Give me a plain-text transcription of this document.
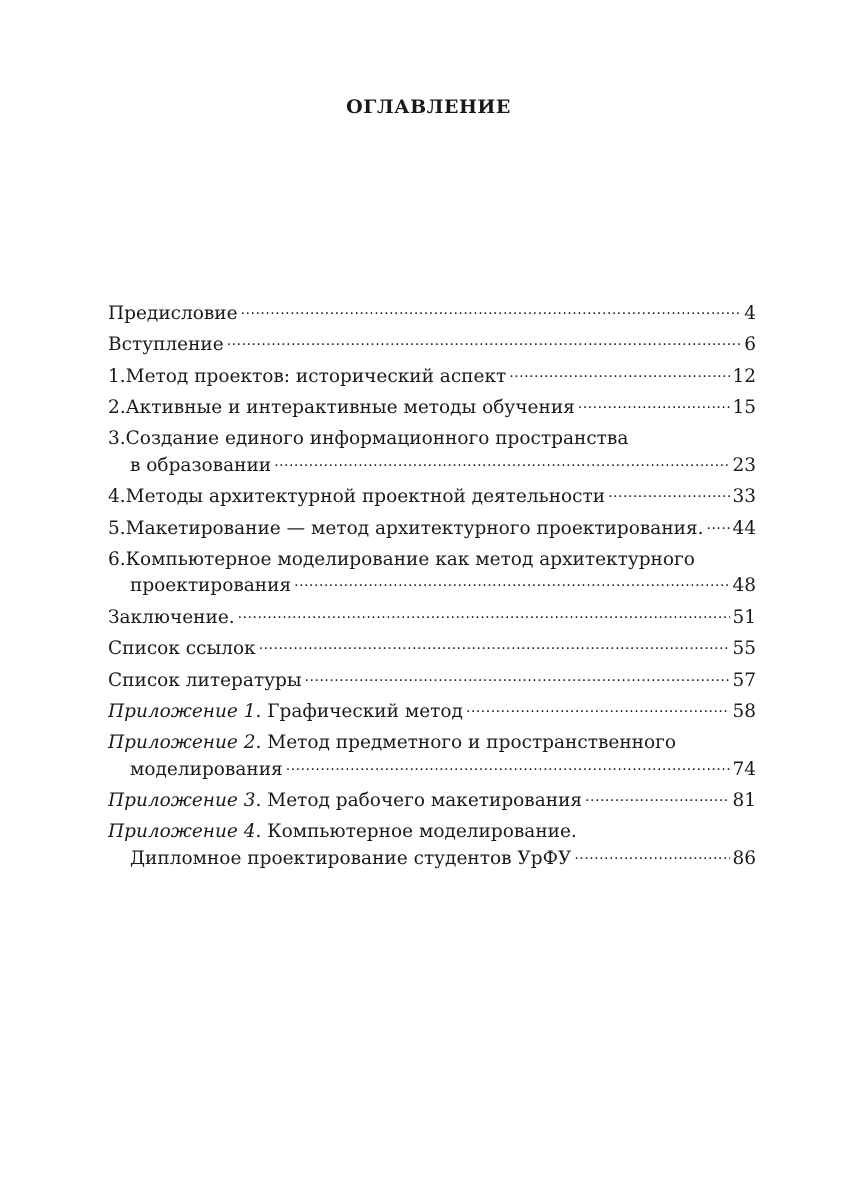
ОГЛАВЛЕНИЕ
Предисловие .....	4
Вступление .....	6
1.Метод проектов: исторический аспект .....	12
2.Активные и интерактивные методы обучения .....	15
3.Создание единого информационного пространства
в образовании .....	23
4.Методы архитектурной проектной деятельности .....	33
5.Макетирование — метод архитектурного проектирования. ..... 44
6.Компьютерное моделирование как метод архитектурного
проектирования .....	48
Заключение. .....	51
Список ссылок .....	55
Список литературы .....	57
Приложение 1. Графический метод .....	58
Приложение 2. Метод предметного и пространственного
моделирования .....	74
Приложение 3. Метод рабочего макетирования .....	81
Приложение 4. Компьютерное моделирование.
Дипломное проектирование студентов УрФУ .....	86
